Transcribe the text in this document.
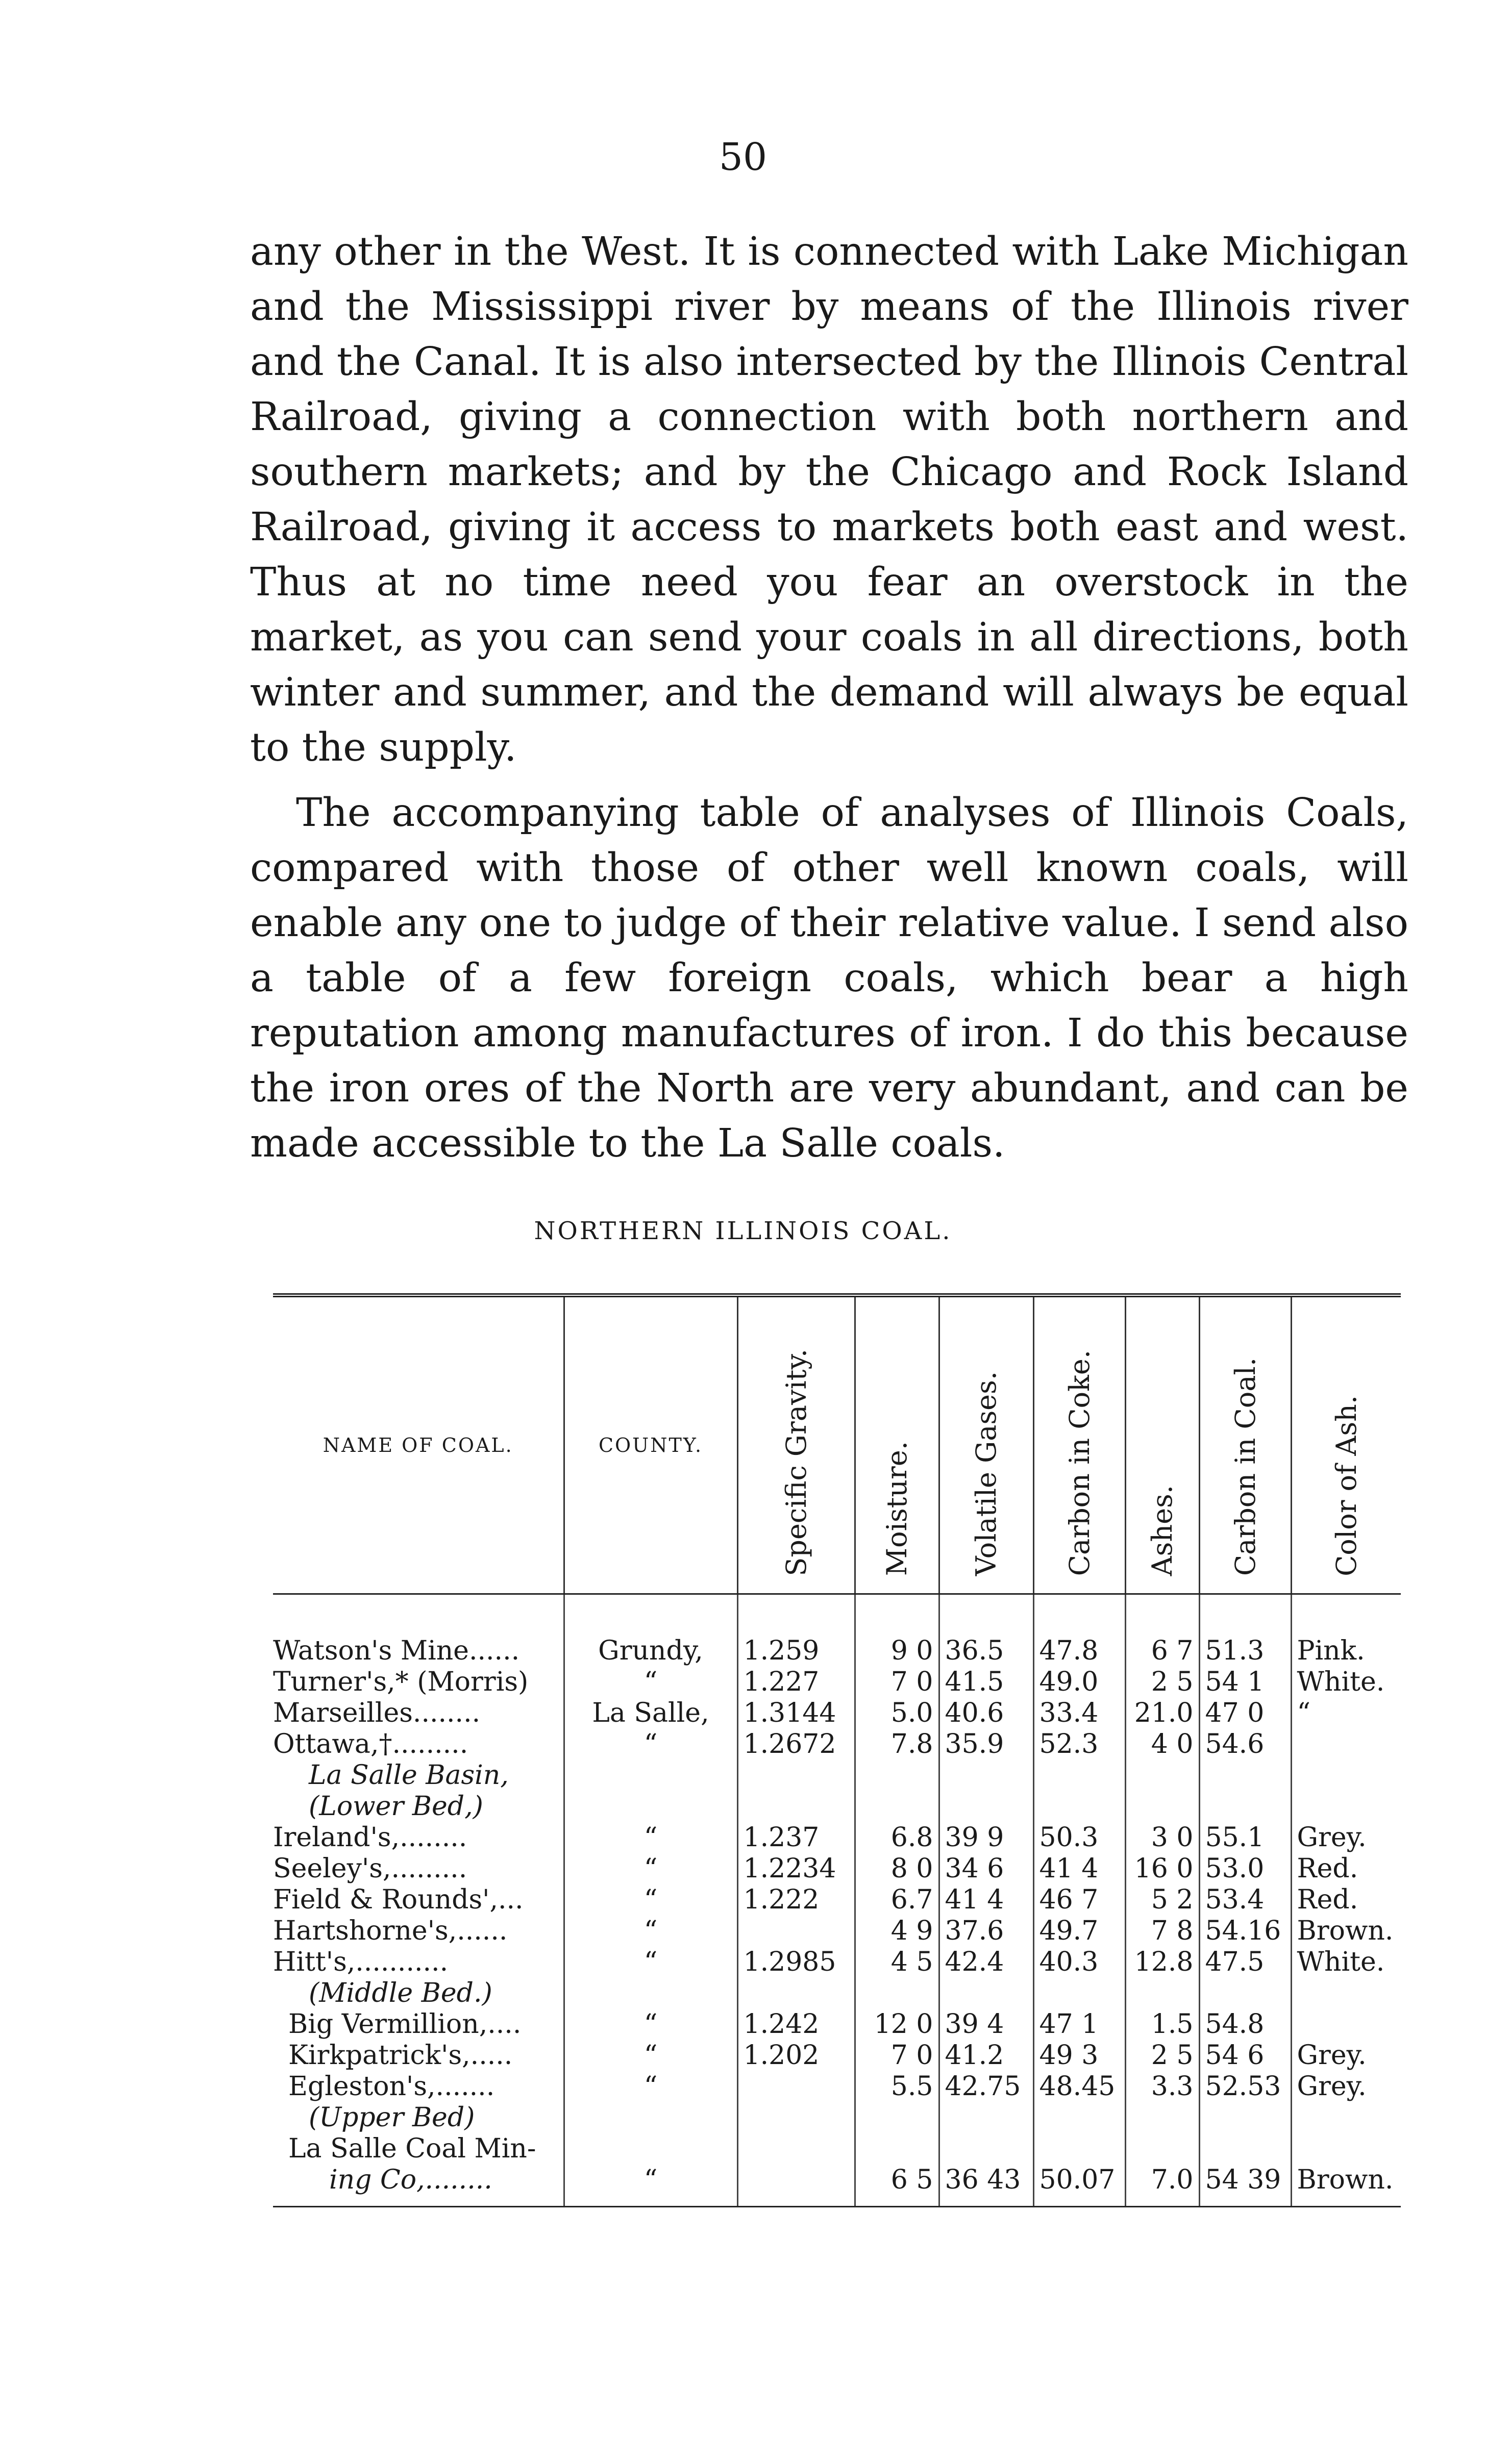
50

any other in the West. It is connected with Lake Michigan and the Mississippi river by means of the Illinois river and the Canal. It is also intersected by the Illinois Central Railroad, giving a connection with both northern and southern markets; and by the Chicago and Rock Island Railroad, giving it access to markets both east and west. Thus at no time need you fear an overstock in the market, as you can send your coals in all directions, both winter and summer, and the demand will always be equal to the supply.

The accompanying table of analyses of Illinois Coals, compared with those of other well known coals, will enable any one to judge of their relative value. I send also a table of a few foreign coals, which bear a high reputation among manufactures of iron. I do this because the iron ores of the North are very abundant, and can be made accessible to the La Salle coals.

NORTHERN ILLINOIS COAL.
NAME OF COAL.	COUNTY.	Specific Gravity.	Moisture.	Volatile Gases.	Carbon in Coke.	Ashes.	Carbon in Coal.	Color of Ash.
Watson's Mine......	Grundy,	1.259	9 0	36.5	47.8	6 7	51.3	Pink.
Turner's,* (Morris)	“	1.227	7 0	41.5	49.0	2 5	54 1	White.
Marseilles........	La Salle,	1.3144	5.0	40.6	33.4	21.0	47 0	“
Ottawa,†.........	“	1.2672	7.8	35.9	52.3	4 0	54.6	
La Salle Basin,								
(Lower Bed,)								
Ireland's,........	“	1.237	6.8	39 9	50.3	3 0	55.1	Grey.
Seeley's,.........	“	1.2234	8 0	34 6	41 4	16 0	53.0	Red.
Field & Rounds',...	“	1.222	6.7	41 4	46 7	5 2	53.4	Red.
Hartshorne's,......	“		4 9	37.6	49.7	7 8	54.16	Brown.
Hitt's,...........	“	1.2985	4 5	42.4	40.3	12.8	47.5	White.
(Middle Bed.)								
Big Vermillion,....	“	1.242	12 0	39 4	47 1	1.5	54.8	
Kirkpatrick's,.....	“	1.202	7 0	41.2	49 3	2 5	54 6	Grey.
Egleston's,.......	“		5.5	42.75	48.45	3.3	52.53	Grey.
(Upper Bed)								
La Salle Coal Min-								
ing Co,........	“		6 5	36 43	50.07	7.0	54 39	Brown.
